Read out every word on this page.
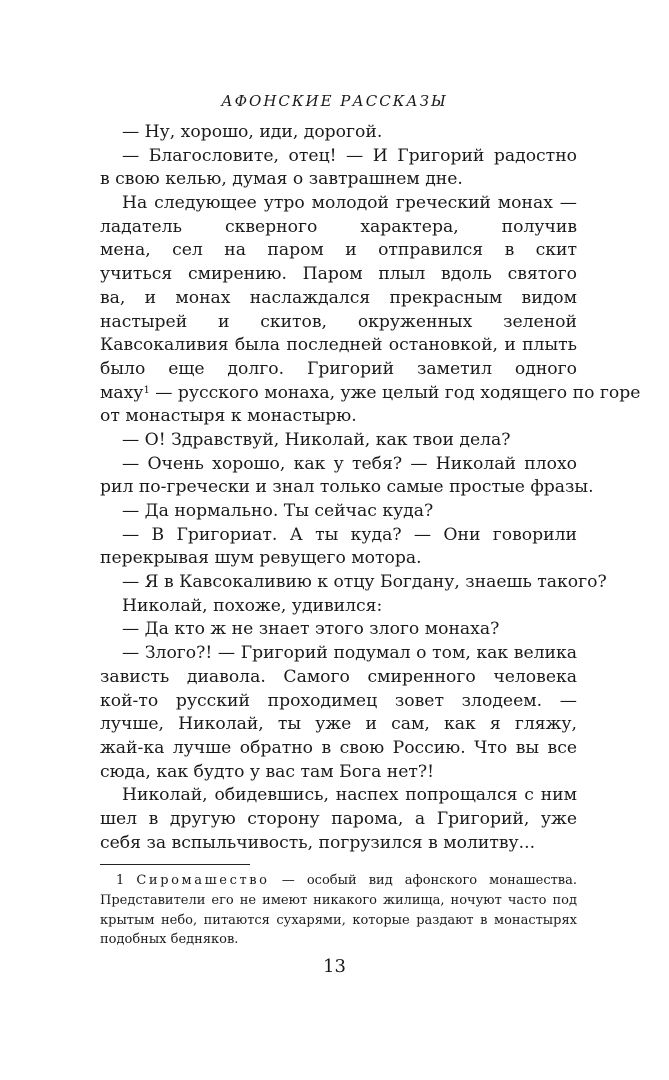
АФОНСКИЕ РАССКАЗЫ
— Ну, хорошо, иди, дорогой.
— Благословите, отец! — И Григорий радостно
в свою келью, думая о завтрашнем дне.
На следующее утро молодой греческий монах —
ладатель скверного характера, получив
мена, сел на паром и отправился в скит
учиться смирению. Паром плыл вдоль святого
ва, и монах наслаждался прекрасным видом
настырей и скитов, окруженных зеленой
Кавсокаливия была последней остановкой, и плыть
было еще долго. Григорий заметил одного
маху$^1$ — русского монаха, уже целый год ходящего по горе
от монастыря к монастырю.
— О! Здравствуй, Николай, как твои дела?
— Очень хорошо, как у тебя? — Николай плохо
рил по-гречески и знал только самые простые фразы.
— Да нормально. Ты сейчас куда?
— В Григориат. А ты куда? — Они говорили
перекрывая шум ревущего мотора.
— Я в Кавсокаливию к отцу Богдану, знаешь такого?
Николай, похоже, удивился:
— Да кто ж не знает этого злого монаха?
— Злого?! — Григорий подумал о том, как велика
зависть диавола. Самого смиренного человека
кой-то русский проходимец зовет злодеем. —
лучше, Николай, ты уже и сам, как я гляжу,
жай-ка лучше обратно в свою Россию. Что вы все
сюда, как будто у вас там Бога нет?!
Николай, обидевшись, наспех попрощался с ним
шел в другую сторону парома, а Григорий, уже
себя за вспыльчивость, погрузился в молитву...
1 Сиромашество — особый вид афонского монашества.
Представители его не имеют никакого жилища, ночуют часто под
крытым небо, питаются сухарями, которые раздают в монастырях
подобных бедняков.
13
